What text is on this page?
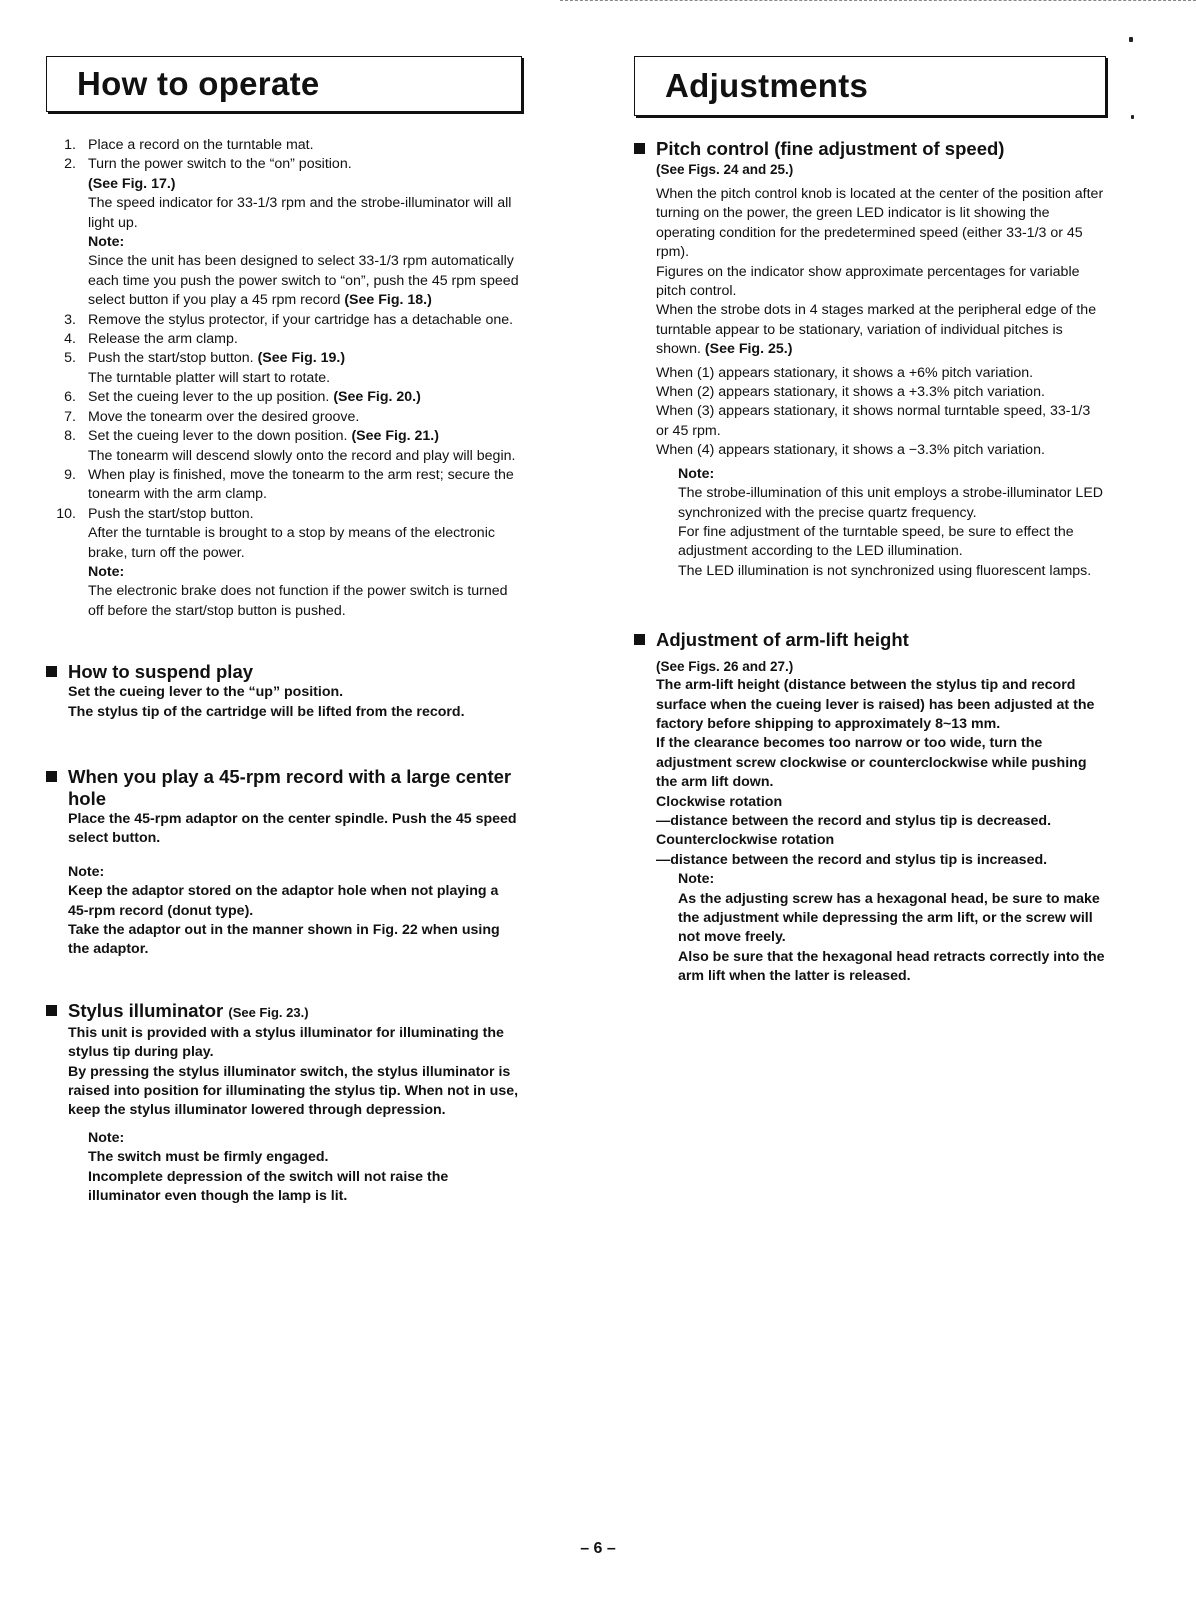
How to operate
1. Place a record on the turntable mat.
2. Turn the power switch to the “on” position.
(See Fig. 17.)
The speed indicator for 33-1/3 rpm and the strobe-illuminator will all light up.
Note:
Since the unit has been designed to select 33-1/3 rpm automatically each time you push the power switch to “on”, push the 45 rpm speed select button if you play a 45 rpm record (See Fig. 18.)
3. Remove the stylus protector, if your cartridge has a detachable one.
4. Release the arm clamp.
5. Push the start/stop button. (See Fig. 19.)
The turntable platter will start to rotate.
6. Set the cueing lever to the up position. (See Fig. 20.)
7. Move the tonearm over the desired groove.
8. Set the cueing lever to the down position. (See Fig. 21.)
The tonearm will descend slowly onto the record and play will begin.
9. When play is finished, move the tonearm to the arm rest; secure the tonearm with the arm clamp.
10. Push the start/stop button.
After the turntable is brought to a stop by means of the electronic brake, turn off the power.
Note:
The electronic brake does not function if the power switch is turned off before the start/stop button is pushed.
How to suspend play

Set the cueing lever to the “up” position.

The stylus tip of the cartridge will be lifted from the record.

When you play a 45-rpm record with a large center hole

Place the 45-rpm adaptor on the center spindle. Push the 45 speed select button.

Note:

Keep the adaptor stored on the adaptor hole when not playing a 45-rpm record (donut type).

Take the adaptor out in the manner shown in Fig. 22 when using the adaptor.

Stylus illuminator (See Fig. 23.)

This unit is provided with a stylus illuminator for illuminating the stylus tip during play.

By pressing the stylus illuminator switch, the stylus illuminator is raised into position for illuminating the stylus tip. When not in use, keep the stylus illuminator lowered through depression.

Note:

The switch must be firmly engaged.

Incomplete depression of the switch will not raise the illuminator even though the lamp is lit.

Adjustments
Pitch control (fine adjustment of speed)
(See Figs. 24 and 25.)

When the pitch control knob is located at the center of the position after turning on the power, the green LED indicator is lit showing the operating condition for the predetermined speed (either 33-1/3 or 45 rpm).

Figures on the indicator show approximate percentages for variable pitch control.

When the strobe dots in 4 stages marked at the peripheral edge of the turntable appear to be stationary, variation of individual pitches is shown. (See Fig. 25.)

When (1) appears stationary, it shows a +6% pitch variation.

When (2) appears stationary, it shows a +3.3% pitch variation.

When (3) appears stationary, it shows normal turntable speed, 33-1/3 or 45 rpm.

When (4) appears stationary, it shows a −3.3% pitch variation.

Note:

The strobe-illumination of this unit employs a strobe-illuminator LED synchronized with the precise quartz frequency.

For fine adjustment of the turntable speed, be sure to effect the adjustment according to the LED illumination.

The LED illumination is not synchronized using fluorescent lamps.

Adjustment of arm-lift height
(See Figs. 26 and 27.)

The arm-lift height (distance between the stylus tip and record surface when the cueing lever is raised) has been adjusted at the factory before shipping to approximately 8~13 mm.

If the clearance becomes too narrow or too wide, turn the adjustment screw clockwise or counterclockwise while pushing the arm lift down.

Clockwise rotation

—distance between the record and stylus tip is decreased.

Counterclockwise rotation

—distance between the record and stylus tip is increased.

Note:

As the adjusting screw has a hexagonal head, be sure to make the adjustment while depressing the arm lift, or the screw will not move freely.

Also be sure that the hexagonal head retracts correctly into the arm lift when the latter is released.

– 6 –
